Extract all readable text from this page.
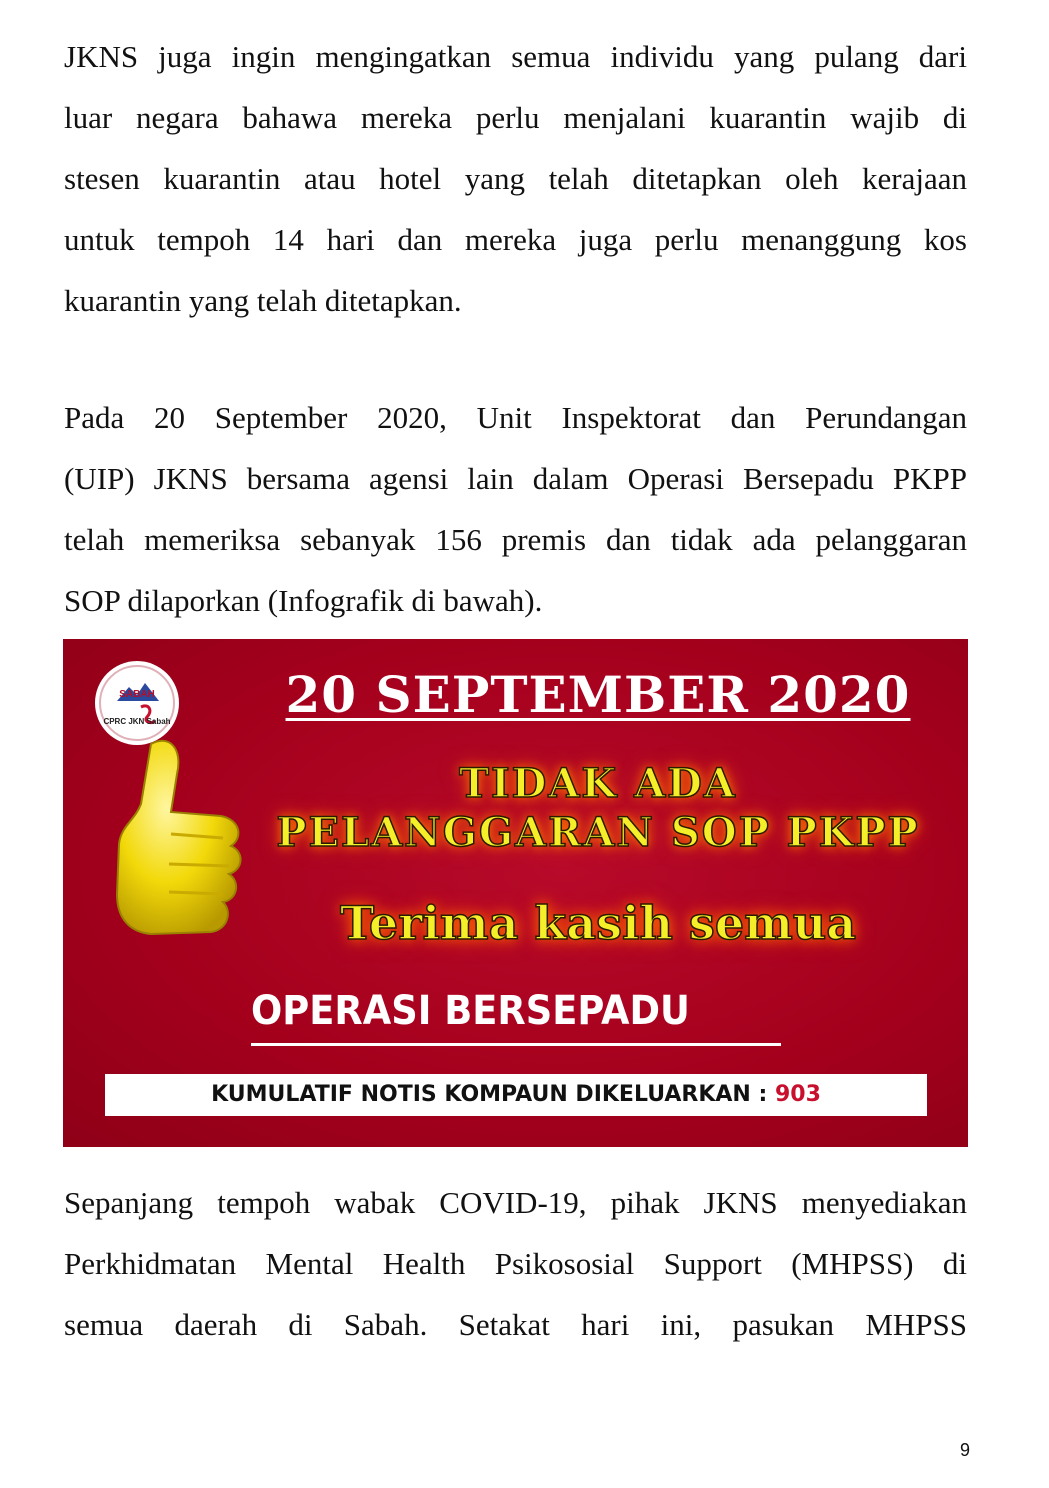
JKNS juga ingin mengingatkan semua individu yang pulang dari
luar negara bahawa mereka perlu menjalani kuarantin wajib di
stesen kuarantin atau hotel yang telah ditetapkan oleh kerajaan
untuk tempoh 14 hari dan mereka juga perlu menanggung kos
kuarantin yang telah ditetapkan.
Pada 20 September 2020, Unit Inspektorat dan Perundangan
(UIP) JKNS bersama agensi lain dalam Operasi Bersepadu PKPP
telah memeriksa sebanyak 156 premis dan tidak ada pelanggaran
SOP dilaporkan (Infografik di bawah).
SABAH
CPRC JKN Sabah	20 SEPTEMBER 2020
TIDAK ADA
PELANGGARAN SOP PKPP
Terima kasih semua
OPERASI BERSEPADU
KUMULATIF NOTIS KOMPAUN DIKELUARKAN : 903
Sepanjang tempoh wabak COVID-19, pihak JKNS menyediakan
Perkhidmatan Mental Health Psikososial Support (MHPSS) di
semua daerah di Sabah. Setakat hari ini, pasukan MHPSS
9
